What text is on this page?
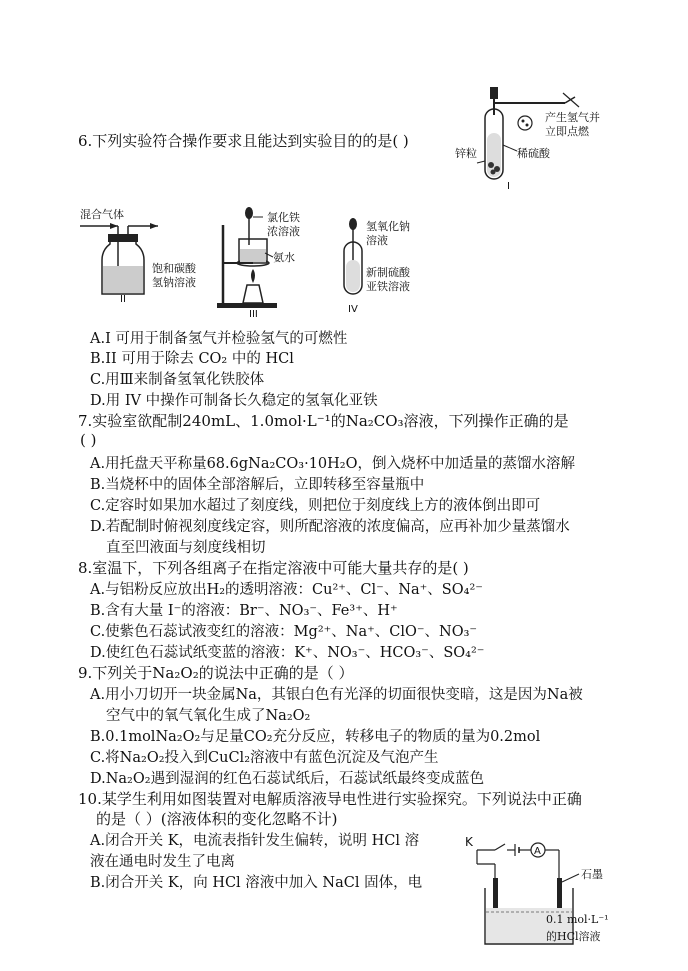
6.下列实验符合操作要求且能达到实验目的的是( )
产生氢气并
立即点燃
锌粒	稀硫酸
I
混合气体
饱和碳酸
氢钠溶液
II
氯化铁
浓溶液
氨水
III
氢氧化钠
溶液
新制硫酸
亚铁溶液
IV
A.I 可用于制备氢气并检验氢气的可燃性
B.II 可用于除去 CO₂ 中的 HCl
C.用Ⅲ来制备氢氧化铁胶体
D.用 IV 中操作可制备长久稳定的氢氧化亚铁
7.实验室欲配制240mL、1.0mol·L⁻¹的Na₂CO₃溶液，下列操作正确的是
( )
A.用托盘天平称量68.6gNa₂CO₃·10H₂O，倒入烧杯中加适量的蒸馏水溶解
B.当烧杯中的固体全部溶解后，立即转移至容量瓶中
C.定容时如果加水超过了刻度线，则把位于刻度线上方的液体倒出即可
D.若配制时俯视刻度线定容，则所配溶液的浓度偏高，应再补加少量蒸馏水
直至凹液面与刻度线相切
8.室温下，下列各组离子在指定溶液中可能大量共存的是( )
A.与铝粉反应放出H₂的透明溶液：Cu²⁺、Cl⁻、Na⁺、SO₄²⁻
B.含有大量 I⁻的溶液：Br⁻、NO₃⁻、Fe³⁺、H⁺
C.使紫色石蕊试液变红的溶液：Mg²⁺、Na⁺、ClO⁻、NO₃⁻
D.使红色石蕊试纸变蓝的溶液：K⁺、NO₃⁻、HCO₃⁻、SO₄²⁻
9.下列关于Na₂O₂的说法中正确的是（ ）
A.用小刀切开一块金属Na，其银白色有光泽的切面很快变暗，这是因为Na被
空气中的氧气氧化生成了Na₂O₂
B.0.1molNa₂O₂与足量CO₂充分反应，转移电子的物质的量为0.2mol
C.将Na₂O₂投入到CuCl₂溶液中有蓝色沉淀及气泡产生
D.Na₂O₂遇到湿润的红色石蕊试纸后，石蕊试纸最终变成蓝色
10.某学生利用如图装置对电解质溶液导电性进行实验探究。下列说法中正确
的是（ ）(溶液体积的变化忽略不计)
A.闭合开关 K，电流表指针发生偏转，说明 HCl 溶
液在通电时发生了电离
B.闭合开关 K，向 HCl 溶液中加入 NaCl 固体，电
K
A
石墨
0.1 mol·L⁻¹
的HCl溶液
